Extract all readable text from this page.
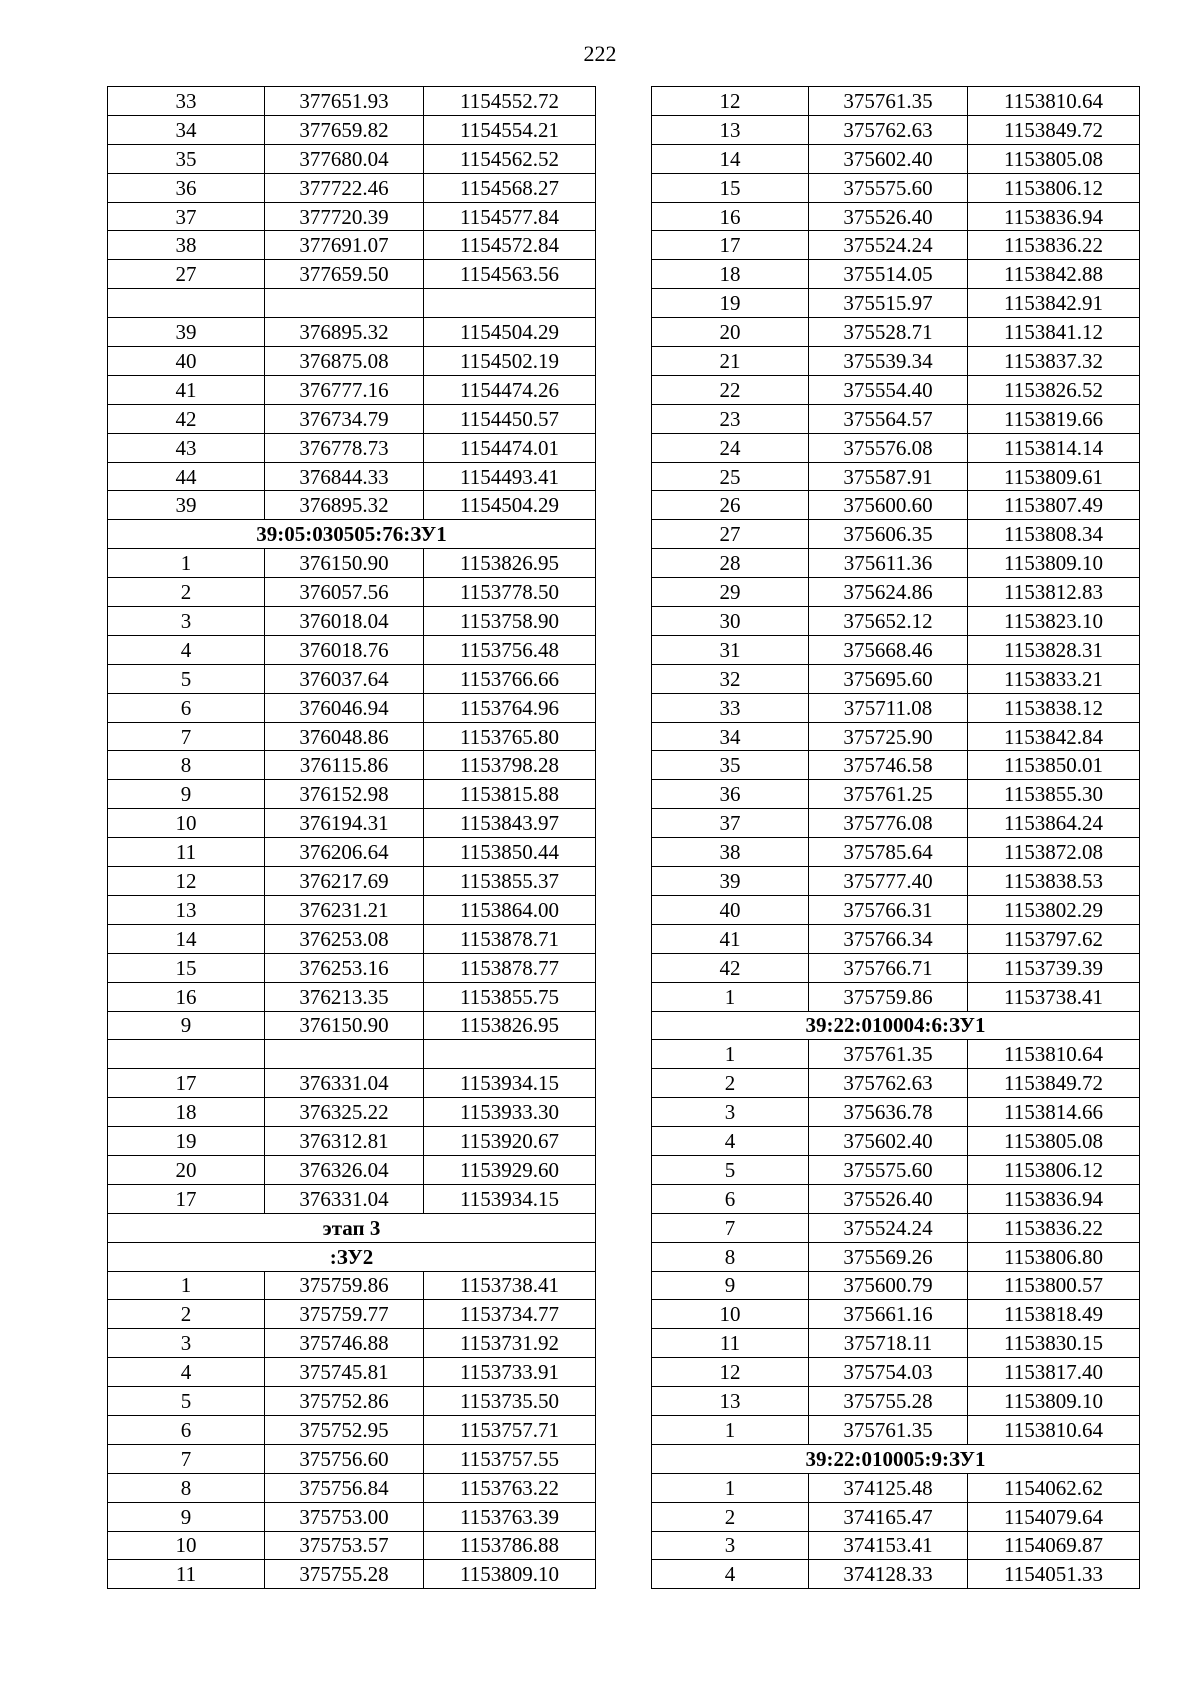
222
33	377651.93	1154552.72
34	377659.82	1154554.21
35	377680.04	1154562.52
36	377722.46	1154568.27
37	377720.39	1154577.84
38	377691.07	1154572.84
27	377659.50	1154563.56

39	376895.32	1154504.29
40	376875.08	1154502.19
41	376777.16	1154474.26
42	376734.79	1154450.57
43	376778.73	1154474.01
44	376844.33	1154493.41
39	376895.32	1154504.29
39:05:030505:76:ЗУ1		
1	376150.90	1153826.95
2	376057.56	1153778.50
3	376018.04	1153758.90
4	376018.76	1153756.48
5	376037.64	1153766.66
6	376046.94	1153764.96
7	376048.86	1153765.80
8	376115.86	1153798.28
9	376152.98	1153815.88
10	376194.31	1153843.97
11	376206.64	1153850.44
12	376217.69	1153855.37
13	376231.21	1153864.00
14	376253.08	1153878.71
15	376253.16	1153878.77
16	376213.35	1153855.75
9	376150.90	1153826.95

17	376331.04	1153934.15
18	376325.22	1153933.30
19	376312.81	1153920.67
20	376326.04	1153929.60
17	376331.04	1153934.15
этап 3		
:ЗУ2		
1	375759.86	1153738.41
2	375759.77	1153734.77
3	375746.88	1153731.92
4	375745.81	1153733.91
5	375752.86	1153735.50
6	375752.95	1153757.71
7	375756.60	1153757.55
8	375756.84	1153763.22
9	375753.00	1153763.39
10	375753.57	1153786.88
11	375755.28	1153809.10
12	375761.35	1153810.64
13	375762.63	1153849.72
14	375602.40	1153805.08
15	375575.60	1153806.12
16	375526.40	1153836.94
17	375524.24	1153836.22
18	375514.05	1153842.88
19	375515.97	1153842.91
20	375528.71	1153841.12
21	375539.34	1153837.32
22	375554.40	1153826.52
23	375564.57	1153819.66
24	375576.08	1153814.14
25	375587.91	1153809.61
26	375600.60	1153807.49
27	375606.35	1153808.34
28	375611.36	1153809.10
29	375624.86	1153812.83
30	375652.12	1153823.10
31	375668.46	1153828.31
32	375695.60	1153833.21
33	375711.08	1153838.12
34	375725.90	1153842.84
35	375746.58	1153850.01
36	375761.25	1153855.30
37	375776.08	1153864.24
38	375785.64	1153872.08
39	375777.40	1153838.53
40	375766.31	1153802.29
41	375766.34	1153797.62
42	375766.71	1153739.39
1	375759.86	1153738.41
39:22:010004:6:ЗУ1		
1	375761.35	1153810.64
2	375762.63	1153849.72
3	375636.78	1153814.66
4	375602.40	1153805.08
5	375575.60	1153806.12
6	375526.40	1153836.94
7	375524.24	1153836.22
8	375569.26	1153806.80
9	375600.79	1153800.57
10	375661.16	1153818.49
11	375718.11	1153830.15
12	375754.03	1153817.40
13	375755.28	1153809.10
1	375761.35	1153810.64
39:22:010005:9:ЗУ1		
1	374125.48	1154062.62
2	374165.47	1154079.64
3	374153.41	1154069.87
4	374128.33	1154051.33
